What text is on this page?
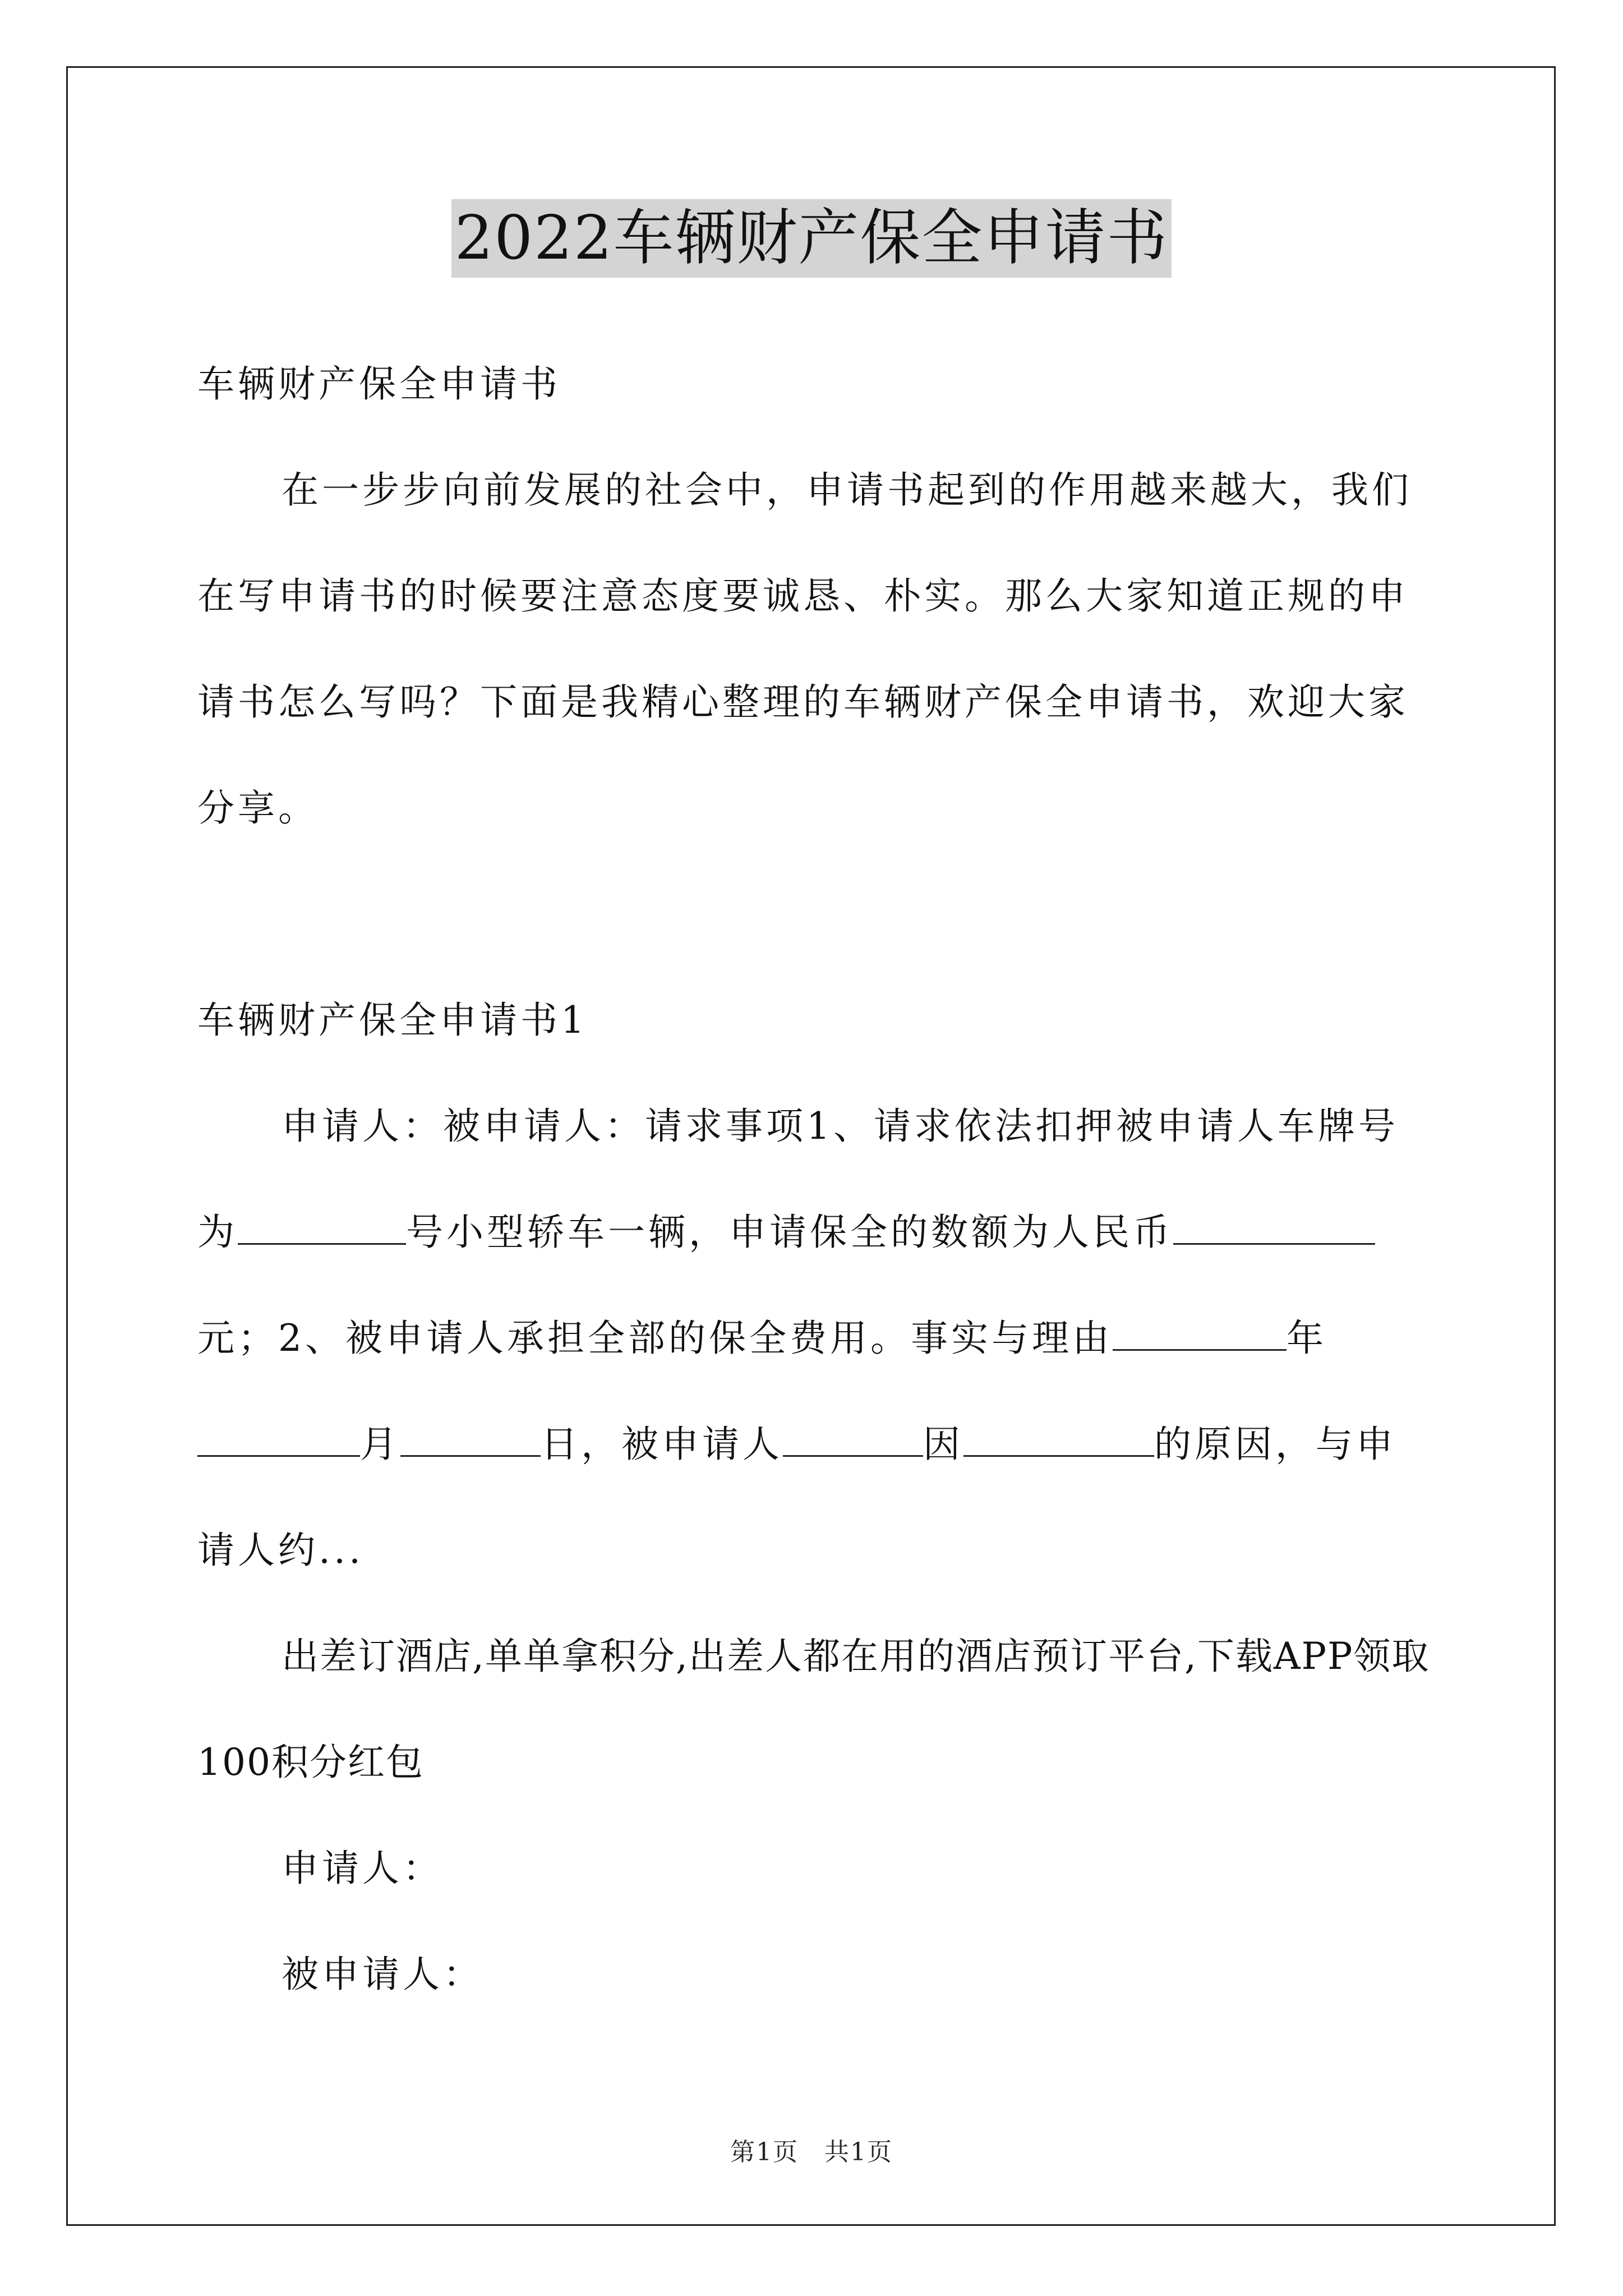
2022车辆财产保全申请书

车辆财产保全申请书

在一步步向前发展的社会中，申请书起到的作用越来越大，我们在写申请书的时候要注意态度要诚恳、朴实。那么大家知道正规的申请书怎么写吗？下面是我精心整理的车辆财产保全申请书，欢迎大家分享。

车辆财产保全申请书1

申请人：被申请人：请求事项1、请求依法扣押被申请人车牌号为	号小型轿车一辆，申请保全的数额为人民币元；2、被申请人承担全部的保全费用。事实与理由	年月	日，被申请人	因	的原因，与申请人约...

出差订酒店,单单拿积分,出差人都在用的酒店预订平台,下载APP领取100积分红包

申请人：

被申请人：

第1页　共1页
